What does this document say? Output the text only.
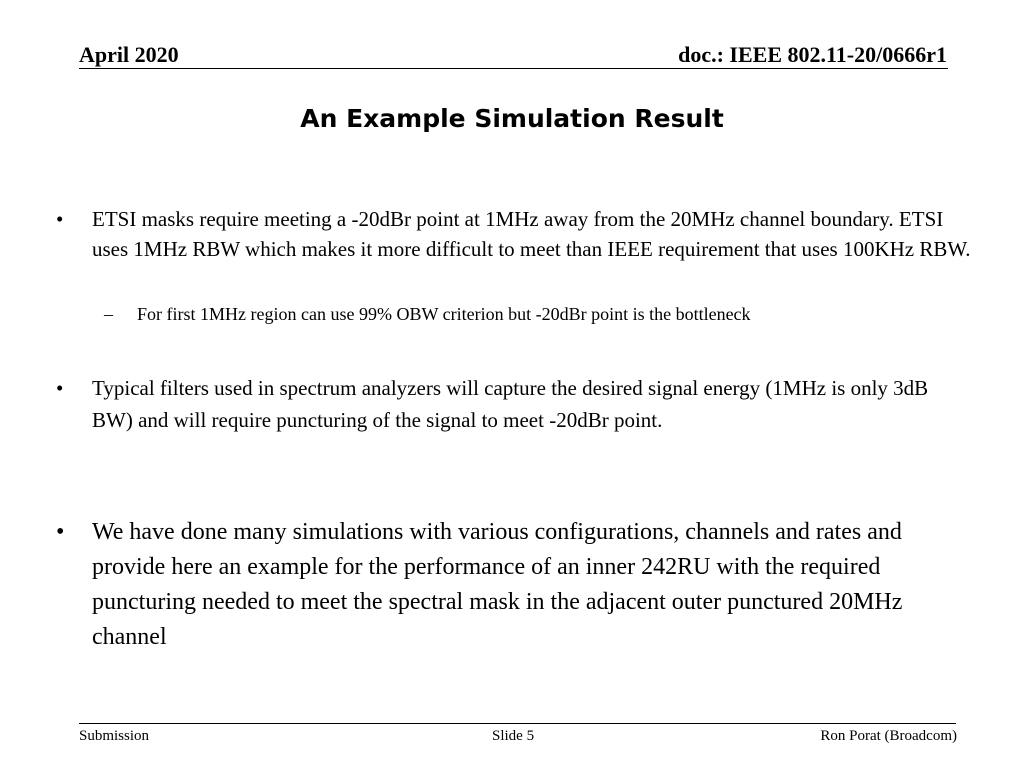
April 2020	doc.: IEEE 802.11-20/0666r1
An Example Simulation Result
• ETSI masks require meeting a -20dBr point at 1MHz away from the 20MHz channel boundary. ETSI uses 1MHz RBW which makes it more difficult to meet than IEEE requirement that uses 100KHz RBW.
– For first 1MHz region can use 99% OBW criterion but -20dBr point is the bottleneck
• Typical filters used in spectrum analyzers will capture the desired signal energy (1MHz is only 3dB BW) and will require puncturing of the signal to meet -20dBr point.
• We have done many simulations with various configurations, channels and rates and provide here an example for the performance of an inner 242RU with the required puncturing needed to meet the spectral mask in the adjacent outer punctured 20MHz channel
Submission	Slide 5	Ron Porat (Broadcom)
